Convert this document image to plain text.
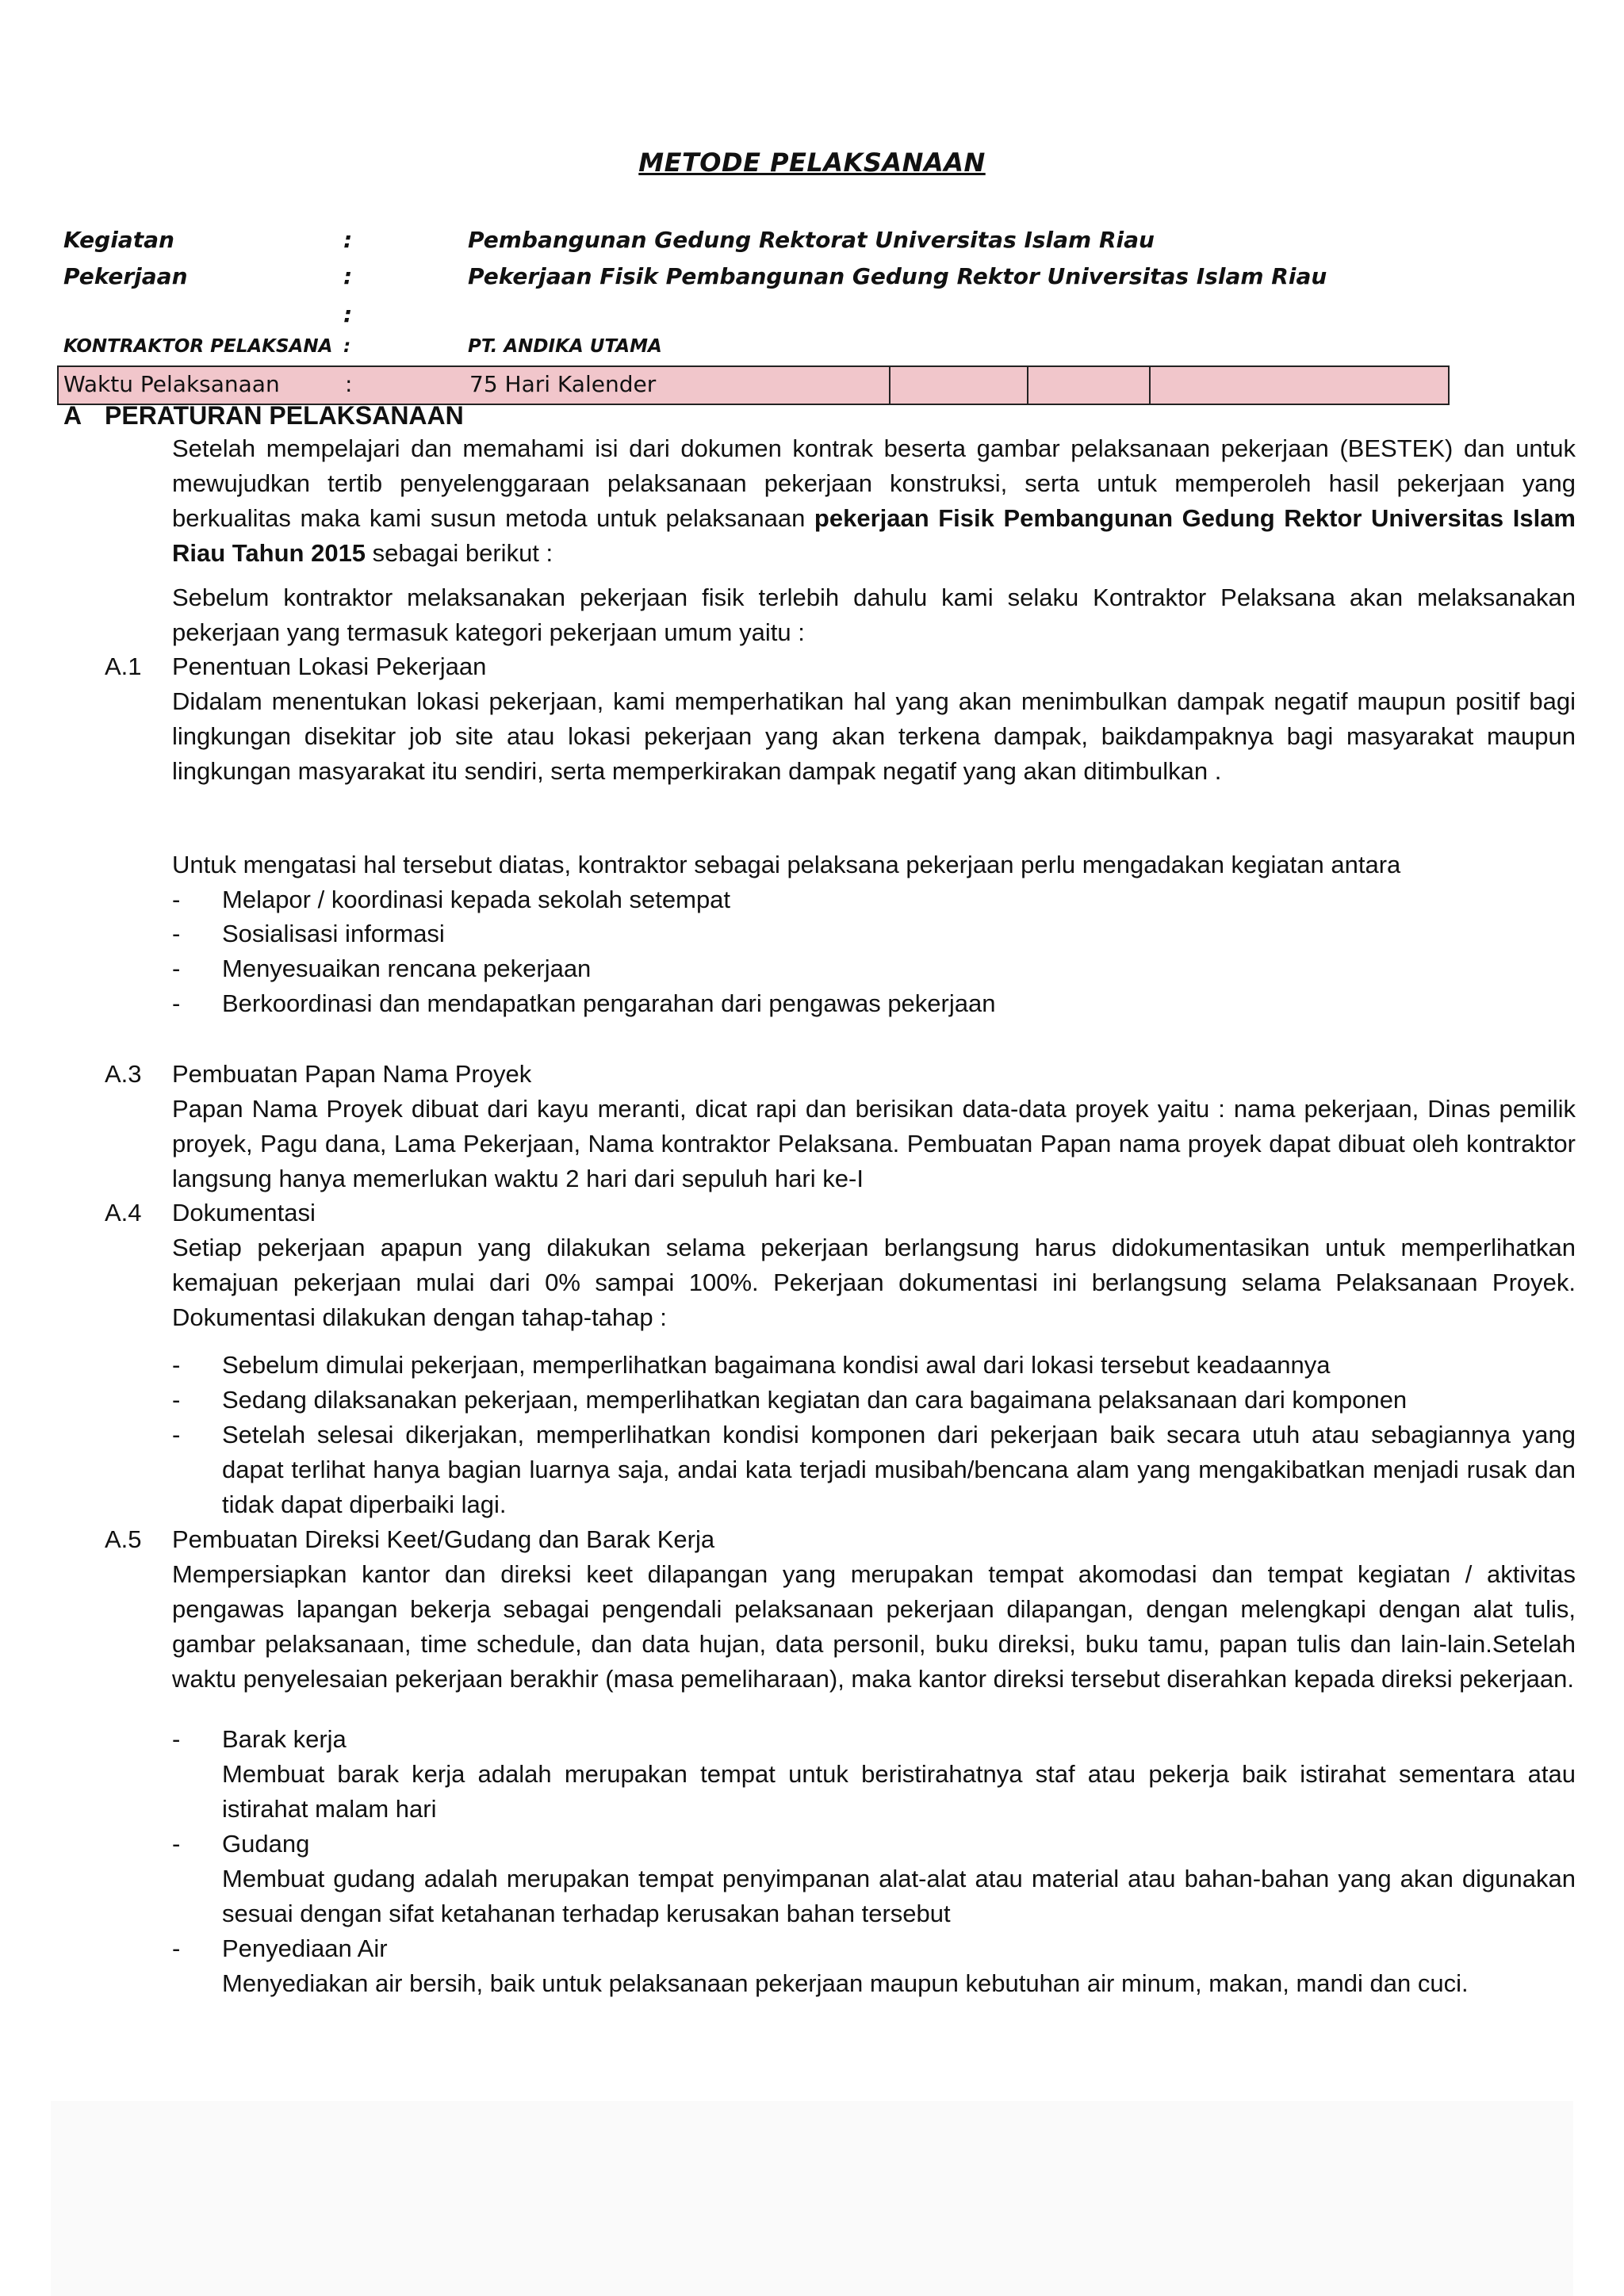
METODE PELAKSANAAN
Kegiatan	:	Pembangunan Gedung Rektorat Universitas Islam Riau
Pekerjaan	:	Pekerjaan Fisik Pembangunan Gedung Rektor Universitas Islam Riau
:
KONTRAKTOR PELAKSANA :	PT. ANDIKA UTAMA
Waktu Pelaksanaan	:	75 Hari Kalender
A PERATURAN PELAKSANAAN

Setelah mempelajari dan memahami isi dari dokumen kontrak beserta gambar pelaksanaan pekerjaan (BESTEK) dan untuk mewujudkan tertib penyelenggaraan pelaksanaan pekerjaan konstruksi, serta untuk memperoleh hasil pekerjaan yang berkualitas maka kami susun metoda untuk pelaksanaan pekerjaan Fisik Pembangunan Gedung Rektor Universitas Islam Riau Tahun 2015 sebagai berikut :

Sebelum kontraktor melaksanakan pekerjaan fisik terlebih dahulu kami selaku Kontraktor Pelaksana akan melaksanakan pekerjaan yang termasuk kategori pekerjaan umum yaitu :

A.1 Penentuan Lokasi Pekerjaan

Didalam menentukan lokasi pekerjaan, kami memperhatikan hal yang akan menimbulkan dampak negatif maupun positif bagi lingkungan disekitar job site atau lokasi pekerjaan yang akan terkena dampak, baikdampaknya bagi masyarakat maupun lingkungan masyarakat itu sendiri, serta memperkirakan dampak negatif yang akan ditimbulkan .

Untuk mengatasi hal tersebut diatas, kontraktor sebagai pelaksana pekerjaan perlu mengadakan kegiatan antara

- Melapor / koordinasi kepada sekolah setempat
- Sosialisasi informasi
- Menyesuaikan rencana pekerjaan
- Berkoordinasi dan mendapatkan pengarahan dari pengawas pekerjaan
A.3 Pembuatan Papan Nama Proyek

Papan Nama Proyek dibuat dari kayu meranti, dicat rapi dan berisikan data-data proyek yaitu : nama pekerjaan, Dinas pemilik proyek, Pagu dana, Lama Pekerjaan, Nama kontraktor Pelaksana. Pembuatan Papan nama proyek dapat dibuat oleh kontraktor langsung hanya memerlukan waktu 2 hari dari sepuluh hari ke-I

A.4 Dokumentasi

Setiap pekerjaan apapun yang dilakukan selama pekerjaan berlangsung harus didokumentasikan untuk memperlihatkan kemajuan pekerjaan mulai dari 0% sampai 100%. Pekerjaan dokumentasi ini berlangsung selama Pelaksanaan Proyek. Dokumentasi dilakukan dengan tahap-tahap :

- Sebelum dimulai pekerjaan, memperlihatkan bagaimana kondisi awal dari lokasi tersebut keadaannya
- Sedang dilaksanakan pekerjaan, memperlihatkan kegiatan dan cara bagaimana pelaksanaan dari komponen
- Setelah selesai dikerjakan, memperlihatkan kondisi komponen dari pekerjaan baik secara utuh atau sebagiannya yang dapat terlihat hanya bagian luarnya saja, andai kata terjadi musibah/bencana alam yang mengakibatkan menjadi rusak dan tidak dapat diperbaiki lagi.
A.5 Pembuatan Direksi Keet/Gudang dan Barak Kerja

Mempersiapkan kantor dan direksi keet dilapangan yang merupakan tempat akomodasi dan tempat kegiatan / aktivitas pengawas lapangan bekerja sebagai pengendali pelaksanaan pekerjaan dilapangan, dengan melengkapi dengan alat tulis, gambar pelaksanaan, time schedule, dan data hujan, data personil, buku direksi, buku tamu, papan tulis dan lain-lain.Setelah waktu penyelesaian pekerjaan berakhir (masa pemeliharaan), maka kantor direksi tersebut diserahkan kepada direksi pekerjaan.

- Barak kerja

Membuat barak kerja adalah merupakan tempat untuk beristirahatnya staf atau pekerja baik istirahat sementara atau istirahat malam hari

- Gudang

Membuat gudang adalah merupakan tempat penyimpanan alat-alat atau material atau bahan-bahan yang akan digunakan sesuai dengan sifat ketahanan terhadap kerusakan bahan tersebut

- Penyediaan Air

Menyediakan air bersih, baik untuk pelaksanaan pekerjaan maupun kebutuhan air minum, makan, mandi dan cuci.
